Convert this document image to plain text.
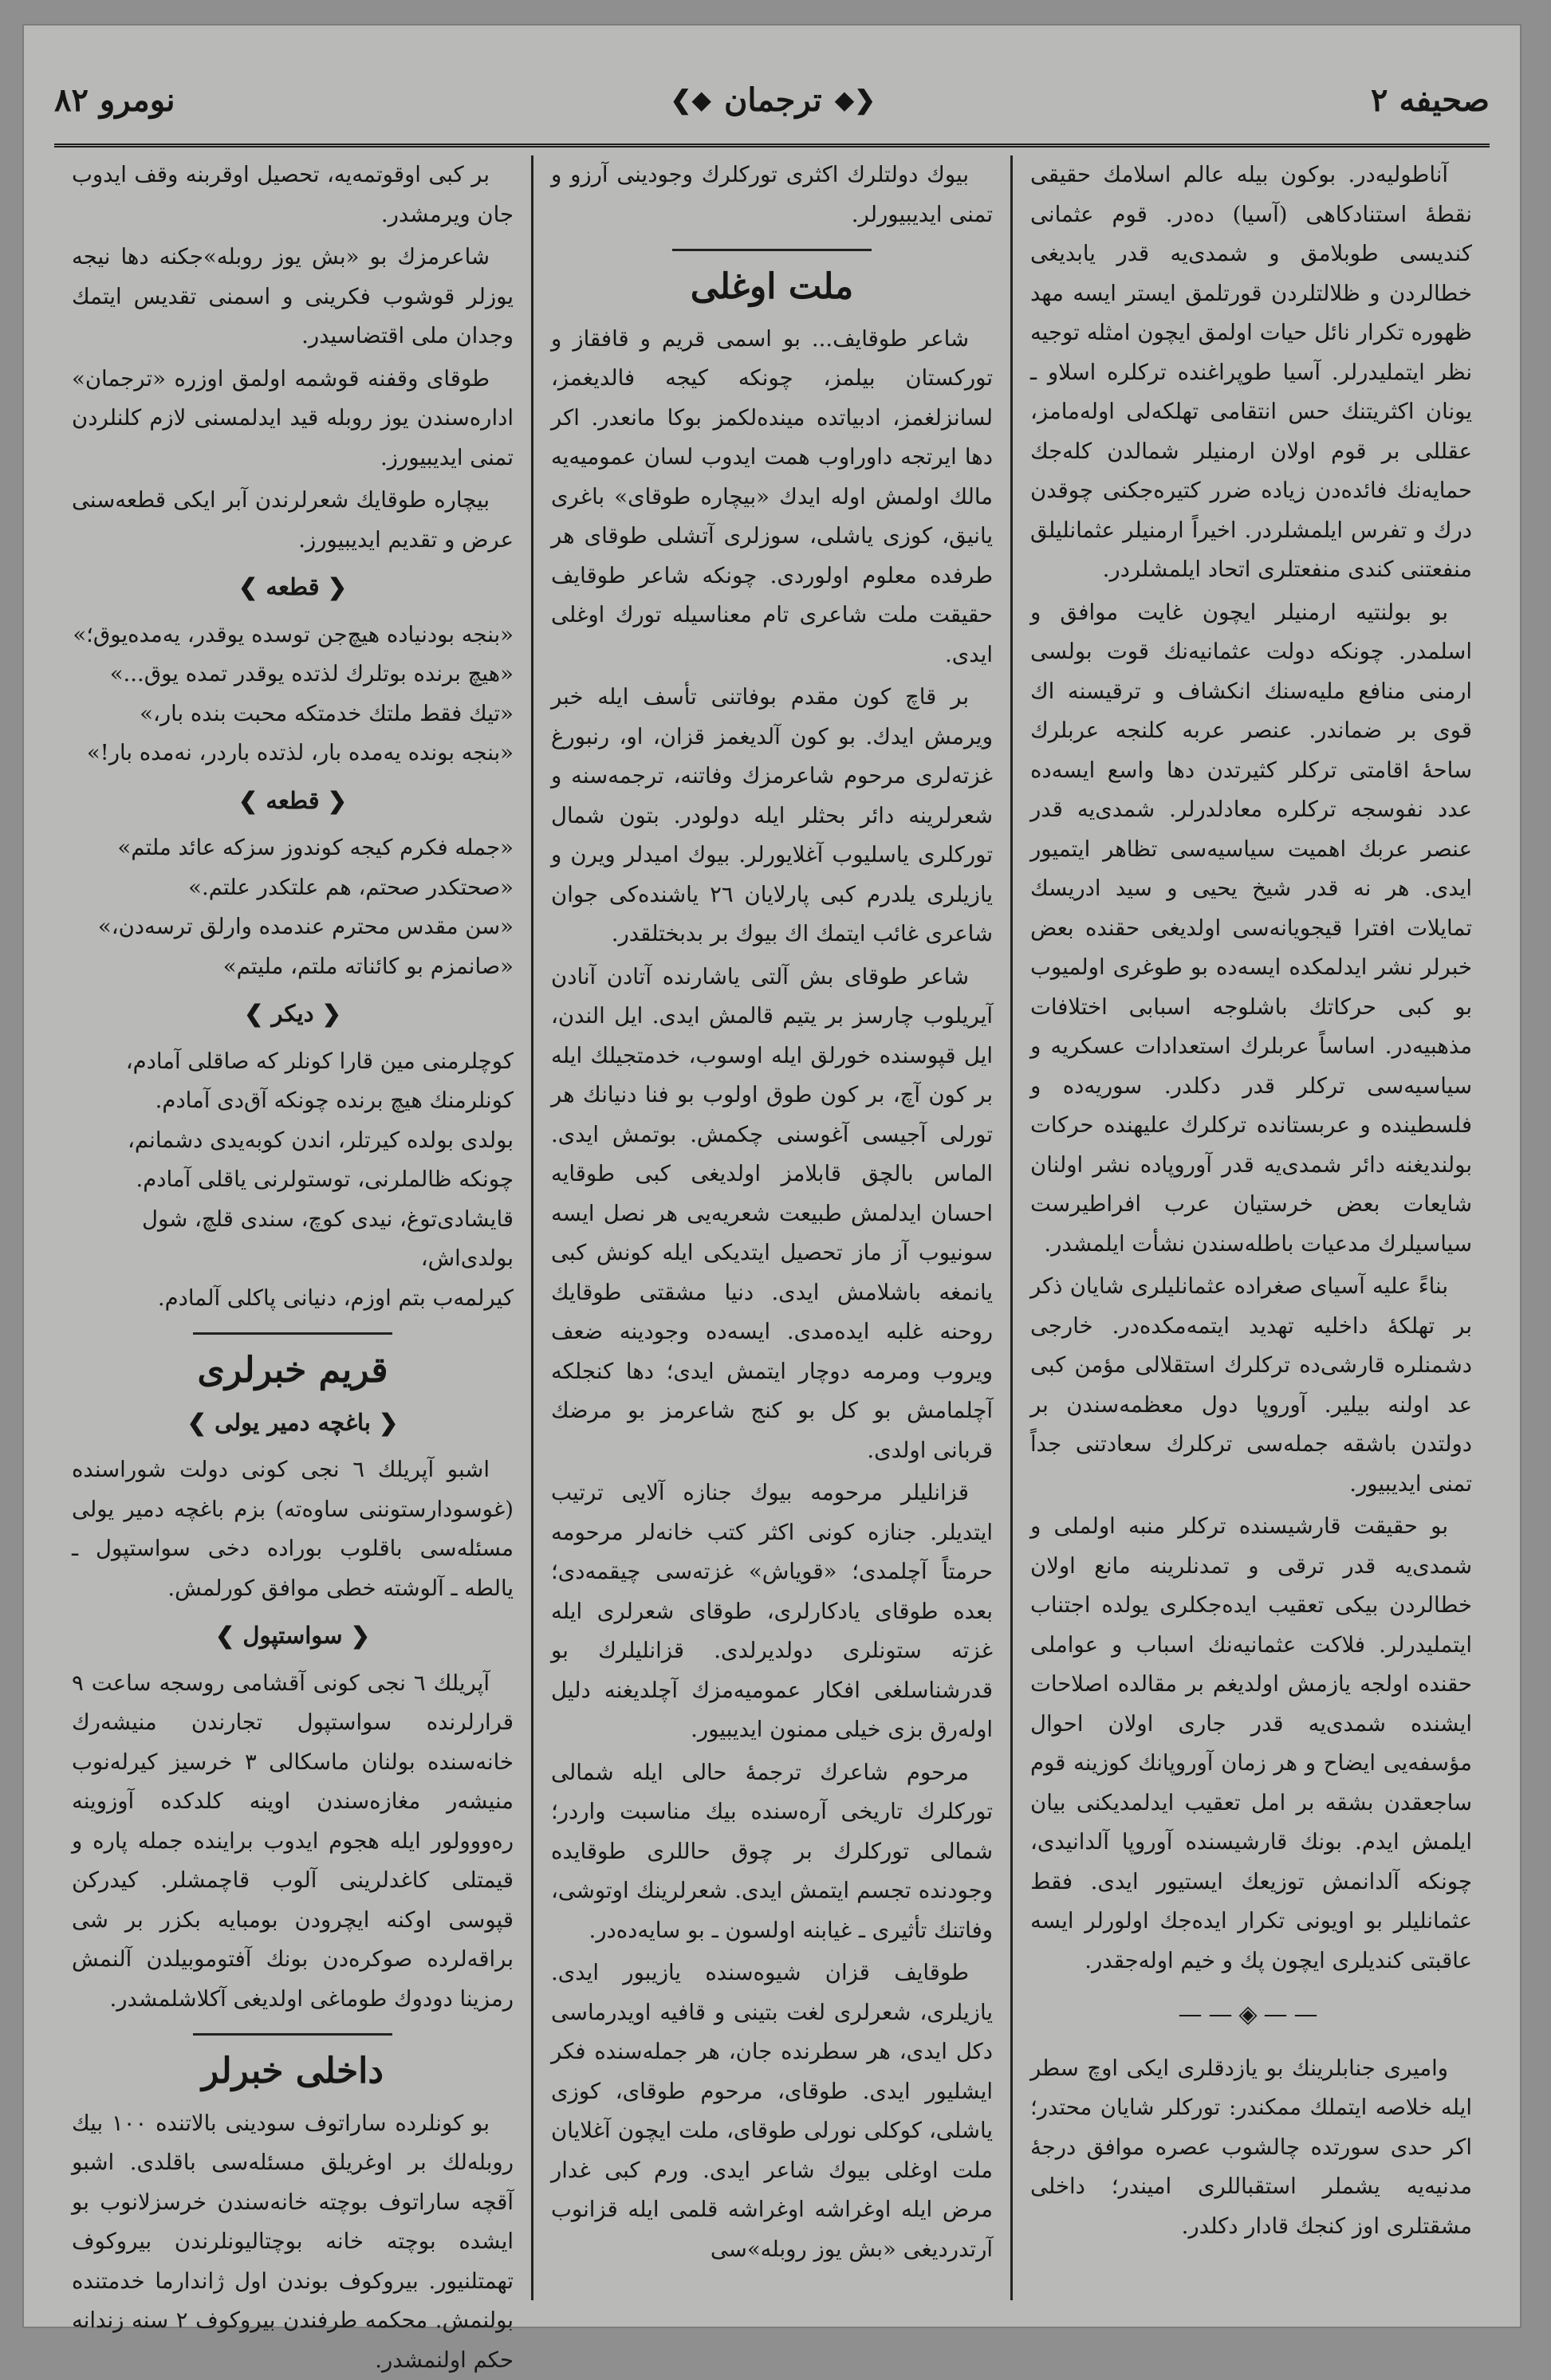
صحیفه ۲
❮◆
ترجمان
◆❯
نومرو ۸۲

آناطولیه‌در. بوکون بیله عالم اسلامك حقیقی نقطهٔ استنادکاهی (آسیا) ده‌در. قوم عثمانی کندیسی طوبلامق و شمدی‌یه قدر یابدیغی خطالردن و ظلالتلردن قورتلمق ایستر ایسه مهد ظهوره تکرار نائل حیات اولمق ایچون امثله توجیه نظر ایتملیدرلر. آسیا طوپراغنده ترکلره اسلاو ـ یونان اکثریتنك حس انتقامی تهلکه‌لی اوله‌مامز، عقللی بر قوم اولان ارمنیلر شمالدن کله‌جك حمایه‌نك فائده‌دن زیاده ضرر کتیره‌جکنی چوقدن درك و تفرس ایلمشلردر. اخیراً ارمنیلر عثمانلیلق منفعتنی کندی منفعتلری اتحاد ایلمشلردر.

بو بولنتیه ارمنیلر ایچون غایت موافق و اسلمدر. چونکه دولت عثمانیه‌نك قوت بولسی ارمنی منافع ملیه‌سنك انکشاف و ترقیسنه اك قوی بر ضماندر. عنصر عربه کلنجه عربلرك ساحهٔ اقامتی ترکلر کثیرتدن دها واسع ایسه‌ده عدد نفوسجه ترکلره معادلدرلر. شمدی‌یه قدر عنصر عربك اهمیت سیاسیه‌سی تظاهر ایتمیور ایدی. هر نه قدر شیخ یحیی و سید ادریسك تمایلات افترا قیجویانه‌سی اولدیغی حقنده بعض خبرلر نشر ایدلمکده ایسه‌ده بو طوغری اولمیوب بو کبی حرکاتك باشلوجه اسبابی اختلافات مذهبیه‌در. اساساً عربلرك استعدادات عسکریه و سیاسیه‌سی ترکلر قدر دکلدر. سوریه‌ده و فلسطینده و عربستانده ترکلرك علیهنده حرکات بولندیغنه دائر شمدی‌یه قدر آوروپاده نشر اولنان شایعات بعض خرستیان عرب افراطیرست سیاسیلرك مدعیات باطله‌سندن نشأت ایلمشدر.

بناءً علیه آسیای صغراده عثمانلیلری شایان ذکر بر تهلکهٔ داخلیه تهدید ایتمه‌مکده‌در. خارجی دشمنلره قارشی‌ده ترکلرك استقلالی مؤمن کبی عد اولنه بیلیر. آوروپا دول معظمه‌سندن بر دولتدن باشقه جمله‌سی ترکلرك سعادتنی جداً تمنی ایدیبیور.

بو حقیقت قارشیسنده ترکلر منبه اولملی و شمدی‌یه قدر ترقی و تمدنلرینه مانع اولان خطالردن بیکی تعقیب ایده‌جکلری یولده اجتناب ایتملیدرلر. فلاکت عثمانیه‌نك اسباب و عواملی حقنده اولجه یازمش اولدیغم بر مقالده اصلاحات ایشنده شمدی‌یه قدر جاری اولان احوال مؤسفه‌یی ایضاح و هر زمان آوروپانك کوزینه قوم ساجعقدن بشقه بر امل تعقیب ایدلمدیکنی بیان ایلمش ایدم. بونك قارشیسنده آوروپا آلدانیدی، چونکه آلدانمش توزیعك ایستیور ایدی. فقط عثمانلیلر بو اویونی تکرار ایده‌جك اولورلر ایسه عاقبتی کندیلری ایچون پك و خیم اوله‌جقدر.

——◈——

وامیری جنابلرینك بو یازدقلری ایکی اوچ سطر ایله خلاصه ایتملك ممکندر: تورکلر شایان محتدر؛ اکر حدی سورتده چالشوب عصره موافق درجهٔ مدنیه‌یه یشملر استقباللری امیندر؛ داخلی مشقتلری اوز کنجك قادار دکلدر.

بیوك دولتلرك اکثری تورکلرك وجودینی آرزو و تمنی ایدیبیورلر.

ملت اوغلی

شاعر طوقایف... بو اسمی قریم و قافقاز و تورکستان بیلمز، چونکه کیجه فالدیغمز، لسانزلغمز، ادبیاتده مینده‌لکمز بوکا مانعدر. اکر دها ایرتجه داوراوب همت ایدوب لسان عمومیه‌یه مالك اولمش اوله ایدك «بیچاره طوقای» باغری یانیق، کوزی یاشلی، سوزلری آتشلی طوقای هر طرفده معلوم اولوردی. چونکه شاعر طوقایف حقیقت ملت شاعری تام معناسیله تورك اوغلی ایدی.

بر قاچ کون مقدم بوفاتنی تأسف ایله خبر ویرمش ایدك. بو کون آلدیغمز قزان، او، رنبورغ غزته‌لری مرحوم شاعرمزك وفاتنه، ترجمه‌سنه و شعرلرینه دائر بحثلر ایله دولودر. بتون شمال تورکلری یاسلیوب آغلایورلر. بیوك امیدلر ویرن و یازیلری یلدرم کبی پارلایان ۲٦ یاشنده‌کی جوان شاعری غائب ایتمك اك بیوك بر بدبختلقدر.

شاعر طوقای بش آلتی یاشارنده آتادن آنادن آیریلوب چارسز بر یتیم قالمش ایدی. ایل الندن، ایل قپوسنده خورلق ایله اوسوب، خدمتجیلك ایله بر کون آچ، بر کون طوق اولوب بو فنا دنیانك هر تورلی آجیسی آغوسنی چکمش. بوتمش ایدی. الماس بالچق قابلامز اولدیغی کبی طوقایه احسان ایدلمش طبیعت شعریه‌یی هر نصل ایسه سونیوب آز ماز تحصیل ایتدیکی ایله کونش کبی یانمغه باشلامش ایدی. دنیا مشقتی طوقایك روحنه غلبه ایده‌مدی. ایسه‌ده وجودینه ضعف ویروب ومرمه دوچار ایتمش ایدی؛ دها کنجلکه آچلمامش بو کل بو کنج شاعرمز بو مرضك قربانی اولدی.

قزانلیلر مرحومه بیوك جنازه آلایی ترتیب ایتدیلر. جنازه کونی اکثر کتب خانه‌لر مرحومه حرمتاً آچلمدی؛ «قویاش» غزته‌سی چیقمه‌دی؛ بعده طوقای یادکارلری، طوقای شعرلری ایله غزته ستونلری دولدیرلدی. قزانلیلرك بو قدرشناسلغی افکار عمومیه‌مزك آچلدیغنه دلیل اوله‌رق بزی خیلی ممنون ایدیبیور.

مرحوم شاعرك ترجمهٔ حالی ایله شمالی تورکلرك تاریخی آره‌سنده بیك مناسبت واردر؛ شمالی تورکلرك بر چوق حاللری طوقایده وجودنده تجسم ایتمش ایدی. شعرلرینك اوتوشی، وفاتنك تأثیری ـ غیابنه اولسون ـ بو سایه‌ده‌در.

طوقایف قزان شیوه‌سنده یازیبور ایدی. یازیلری، شعرلری لغت بتینی و قافیه اویدرماسی دکل ایدی، هر سطرنده جان، هر جمله‌سنده فکر ایشلیور ایدی. طوقای، مرحوم طوقای، کوزی یاشلی، کوکلی نورلی طوقای، ملت ایچون آغلایان ملت اوغلی بیوك شاعر ایدی. ورم کبی غدار مرض ایله اوغراشه اوغراشه قلمی ایله قزانوب آرتدردیغی «بش یوز روبله»سی

بر کبی اوقوتمه‌یه، تحصیل اوقربنه وقف ایدوب جان ویرمشدر.

شاعرمزك بو «بش یوز روبله»جکنه دها نیجه یوزلر قوشوب فکرینی و اسمنی تقدیس ایتمك وجدان ملی اقتضاسیدر.

طوقای وقفنه قوشمه اولمق اوزره «ترجمان» اداره‌سندن یوز روبله قید ایدلمسنی لازم کلنلردن تمنی ایدیبیورز.

بیچاره طوقایك شعرلرندن آبر ایکی قطعه‌سنی عرض و تقدیم ایدیبیورز.

❮ قطعه ❯
«بنجه بودنیاده هیچ‌جن توسده یوقدر، یه‌مده‌یوق؛»
«هیچ برنده بوتلرك لذتده یوقدر تمده یوق...»
«تیك فقط ملتك خدمتكه محبت بنده بار،»
«بنجه بونده یه‌مده بار، لذتده باردر، نه‌مده بار!»
❮ قطعه ❯
«جمله فکرم کیجه کوندوز سزکه عائد ملتم»
«صحتکدر صحتم، هم علتکدر علتم.»
«سن مقدس محترم عندمده وارلق ترسه‌دن،»
«صانمزم بو کائناته ملتم، ملیتم»
❮ دیکر ❯
کوچلرمنی مین قارا کونلر که صاقلی آمادم،
کونلرمنك هیچ برنده چونکه آق‌دی آمادم.
بولدی بولده کیرتلر، اندن کوبه‌یدی دشمانم،
چونکه ظالملرنی، توستولرنی یاقلی آمادم.
قایشادی‌توغ، نیدی کوچ، سندی قلچ، شول بولدی‌اش،
کیرلمه‌ب بتم اوزم، دنیانی پاکلی آلمادم.
قریم خبرلری
❮ باغچه دمیر یولی ❯

اشبو آپریلك ٦ نجی کونی دولت شوراسنده (غوسودارستوننی ساوه‌ته) بزم باغچه دمیر یولی مسئله‌سی باقلوب بوراده دخی سواستپول ـ یالطه ـ آلوشته خطی موافق کورلمش.

❮ سواستپول ❯

آپریلك ٦ نجی کونی آقشامی روسجه ساعت ۹ قرارلرنده سواستپول تجارندن منیشه‌رك خانه‌سنده بولنان ماسکالی ۳ خرسیز کیرله‌نوب منیشه‌ر مغازه‌سندن اوینه کلدکده آوزوینه ره‌ووولور ایله هجوم ایدوب براینده جمله پاره و قیمتلی کاغدلرینی آلوب قاچمشلر. کیدرکن قپوسی اوکنه ایچرودن بومبایه بکزر بر شی براقه‌لرده صوکره‌دن بونك آفتوموبیلدن آلنمش رمزینا دودوك طوماغی اولدیغی آکلاشلمشدر.

داخلی خبرلر

بو کونلرده ساراتوف سودینی بالاتنده ۱۰۰ بیك روبله‌لك بر اوغریلق مسئله‌سی باقلدی. اشبو آقچه ساراتوف بوچته خانه‌سندن خرسزلانوب بو ایشده بوچته خانه بوچتالیونلرندن بیروکوف تهمتلنیور. بیروکوف بوندن اول ژاندارما خدمتنده بولنمش. محکمه طرفندن بیروکوف ۲ سنه زندانه حکم اولنمشدر.
